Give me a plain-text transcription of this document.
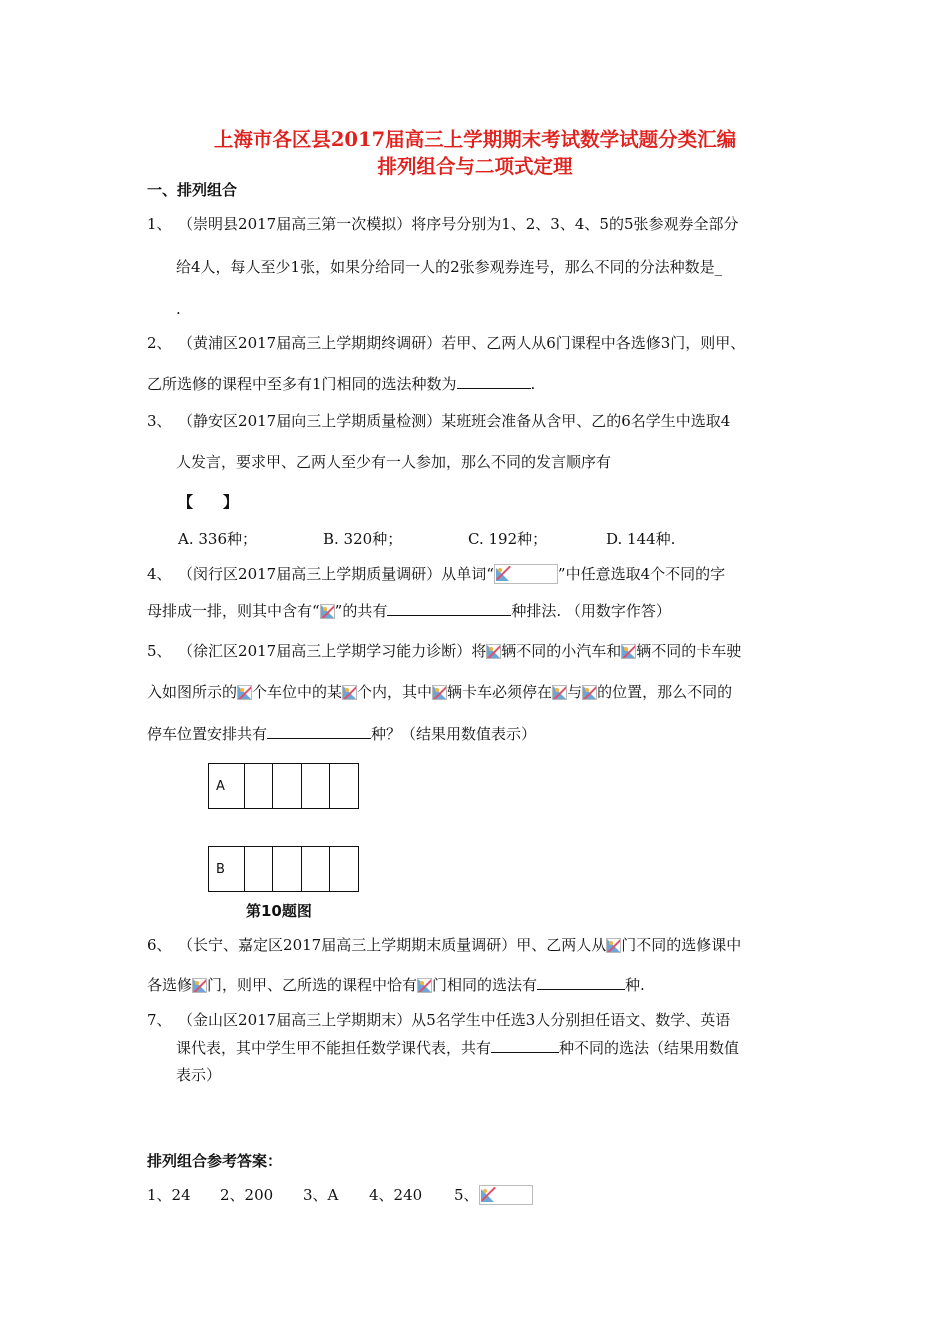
上海市各区县2017届高三上学期期末考试数学试题分类汇编
排列组合与二项式定理
一、排列组合
1、 （崇明县2017届高三第一次模拟）将序号分别为1、2、3、4、5的5张参观券全部分
给4人，每人至少1张，如果分给同一人的2张参观券连号，那么不同的分法种数是_
.
2、 （黄浦区2017届高三上学期期终调研）若甲、乙两人从6门课程中各选修3门，则甲、
乙所选修的课程中至多有1门相同的选法种数为	.
3、 （静安区2017届向三上学期质量检测）某班班会准备从含甲、乙的6名学生中选取4
人发言，要求甲、乙两人至少有一人参加，那么不同的发言顺序有
【　　】
A. 336种；	B. 320种；	C. 192种；	D. 144种.
4、 （闵行区2017届高三上学期质量调研）从单词“	”中任意选取4个不同的字
母排成一排，则其中含有“ ”的共有	种排法. （用数字作答）
5、 （徐汇区2017届高三上学期学习能力诊断）将 辆不同的小汽车和 辆不同的卡车驶
入如图所示的 个车位中的某 个内，其中 辆卡车必须停在 与 的位置，那么不同的
停车位置安排共有	种？（结果用数值表示）
A
B
第10题图
6、 （长宁、嘉定区2017届高三上学期期末质量调研）甲、乙两人从 门不同的选修课中
各选修 门，则甲、乙所选的课程中恰有 门相同的选法有	种.
7、 （金山区2017届高三上学期期末）从5名学生中任选3人分别担任语文、数学、英语
课代表，其中学生甲不能担任数学课代表，共有	种不同的选法（结果用数值
表示）
排列组合参考答案：
1、24 2、200 3、A 4、240 5、
